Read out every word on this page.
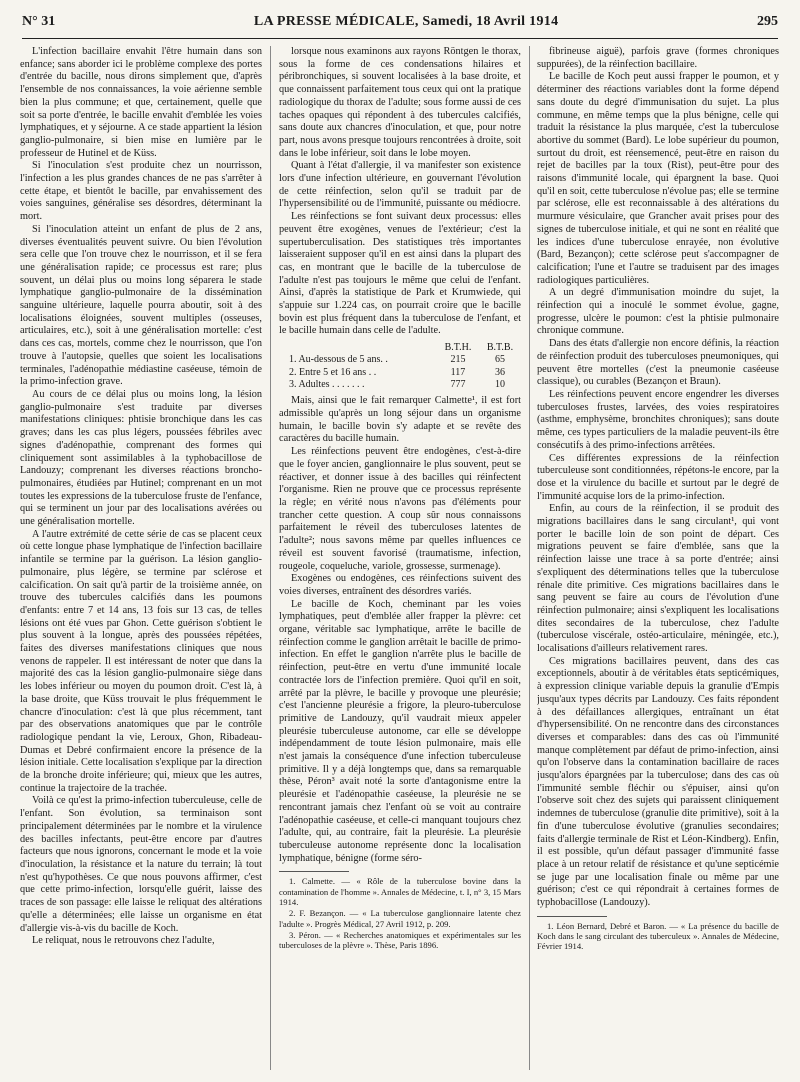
N° 31	LA PRESSE MÉDICALE, Samedi, 18 Avril 1914	295

L'infection bacillaire envahit l'être humain dans son enfance; sans aborder ici le problème complexe des portes d'entrée du bacille, nous dirons simplement que, d'après l'ensemble de nos connaissances, la voie aérienne semble bien la plus commune; et que, certainement, quelle que soit sa porte d'entrée, le bacille envahit d'emblée les voies lymphatiques, et y séjourne. A ce stade appartient la lésion ganglio-pulmonaire, si bien mise en lumière par le professeur de Hutinel et de Küss.

Si l'inoculation s'est produite chez un nourrisson, l'infection a les plus grandes chances de ne pas s'arrêter à cette étape, et bientôt le bacille, par envahissement des voies sanguines, généralise ses désordres, déterminant la mort.

Si l'inoculation atteint un enfant de plus de 2 ans, diverses éventualités peuvent suivre. Ou bien l'évolution sera celle que l'on trouve chez le nourrisson, et il se fera une généralisation rapide; ce processus est rare; plus souvent, un délai plus ou moins long séparera le stade lymphatique ganglio-pulmonaire de la dissémination sanguine ultérieure, laquelle pourra aboutir, soit à des localisations éloignées, souvent multiples (osseuses, articulaires, etc.), soit à une généralisation mortelle: c'est dans ces cas, mortels, comme chez le nourrisson, que l'on trouve à l'autopsie, quelles que soient les localisations terminales, l'adénopathie médiastine caséeuse, témoin de la primo-infection grave.

Au cours de ce délai plus ou moins long, la lésion ganglio-pulmonaire s'est traduite par diverses manifestations cliniques: phtisie bronchique dans les cas graves; dans les cas plus légers, poussées fébriles avec signes d'adénopathie, comprenant des formes qui cliniquement sont assimilables à la typhobacillose de Landouzy; comprenant les diverses réactions broncho-pulmonaires, étudiées par Hutinel; comprenant en un mot toutes les expressions de la tuberculose fruste de l'enfance, qui se terminent un jour par des localisations avérées ou une généralisation mortelle.

A l'autre extrémité de cette série de cas se placent ceux où cette longue phase lymphatique de l'infection bacillaire infantile se termine par la guérison. La lésion ganglio-pulmonaire, plus légère, se termine par sclérose et calcification. On sait qu'à partir de la troisième année, on trouve des tubercules calcifiés dans les poumons d'enfants: entre 7 et 14 ans, 13 fois sur 13 cas, de telles lésions ont été vues par Ghon. Cette guérison s'obtient le plus souvent à la longue, après des poussées répétées, faites des diverses manifestations cliniques que nous venons de rappeler. Il est intéressant de noter que dans la majorité des cas la lésion ganglio-pulmonaire siège dans les lobes inférieur ou moyen du poumon droit. C'est là, à la base droite, que Küss trouvait le plus fréquemment le chancre d'inoculation: c'est là que plus récemment, tant par des observations anatomiques que par le contrôle radiologique pendant la vie, Leroux, Ghon, Ribadeau-Dumas et Debré confirmaient encore la présence de la lésion initiale. Cette localisation s'explique par la direction de la bronche droite inférieure; qui, mieux que les autres, continue la trajectoire de la trachée.

Voilà ce qu'est la primo-infection tuberculeuse, celle de l'enfant. Son évolution, sa terminaison sont principalement déterminées par le nombre et la virulence des bacilles infectants, peut-être encore par d'autres facteurs que nous ignorons, concernant le mode et la voie d'inoculation, la résistance et la nature du terrain; là tout n'est qu'hypothèses. Ce que nous pouvons affirmer, c'est que cette primo-infection, lorsqu'elle guérit, laisse des traces de son passage: elle laisse le reliquat des altérations qu'elle a déterminées; elle laisse un organisme en état d'allergie vis-à-vis du bacille de Koch.

Le reliquat, nous le retrouvons chez l'adulte,

lorsque nous examinons aux rayons Röntgen le thorax, sous la forme de ces condensations hilaires et péribronchiques, si souvent localisées à la base droite, et que connaissent parfaitement tous ceux qui ont la pratique radiologique du thorax de l'adulte; sous forme aussi de ces taches opaques qui répondent à des tubercules calcifiés, sans doute aux chancres d'inoculation, et que, pour notre part, nous avons presque toujours rencontrées à droite, soit dans le lobe inférieur, soit dans le lobe moyen.

Quant à l'état d'allergie, il va manifester son existence lors d'une infection ultérieure, en gouvernant l'évolution de cette réinfection, selon qu'il se traduit par de l'hypersensibilité ou de l'immunité, puissante ou médiocre.

Les réinfections se font suivant deux processus: elles peuvent être exogènes, venues de l'extérieur; c'est la supertuberculisation. Des statistiques très importantes laisseraient supposer qu'il en est ainsi dans la plupart des cas, en montrant que le bacille de la tuberculose de l'adulte n'est pas toujours le même que celui de l'enfant. Ainsi, d'après la statistique de Park et Krumwiede, qui s'appuie sur 1.224 cas, on pourrait croire que le bacille bovin est plus fréquent dans la tuberculose de l'enfant, et le bacille humain dans celle de l'adulte.

	B.T.H.	B.T.B.
1. Au-dessous de 5 ans. .	215	65
2. Entre 5 et 16 ans . .	117	36
3. Adultes . . . . . . .	777	10

Mais, ainsi que le fait remarquer Calmette¹, il est fort admissible qu'après un long séjour dans un organisme humain, le bacille bovin s'y adapte et se revête des caractères du bacille humain.

Les réinfections peuvent être endogènes, c'est-à-dire que le foyer ancien, ganglionnaire le plus souvent, peut se réactiver, et donner issue à des bacilles qui réinfectent l'organisme. Rien ne prouve que ce processus représente la règle; en vérité nous n'avons pas d'éléments pour trancher cette question. A coup sûr nous connaissons parfaitement le réveil des tuberculoses latentes de l'adulte²; nous savons même par quelles influences ce réveil est souvent favorisé (traumatisme, infection, rougeole, coqueluche, variole, grossesse, surmenage).

Exogènes ou endogènes, ces réinfections suivent des voies diverses, entraînent des désordres variés.

Le bacille de Koch, cheminant par les voies lymphatiques, peut d'emblée aller frapper la plèvre: cet organe, véritable sac lymphatique, arrête le bacille de réinfection comme le ganglion arrêtait le bacille de primo-infection. En effet le ganglion n'arrête plus le bacille de réinfection, peut-être en vertu d'une immunité locale contractée lors de l'infection première. Quoi qu'il en soit, arrêté par la plèvre, le bacille y provoque une pleurésie; c'est l'ancienne pleurésie a frigore, la pleuro-tuberculose primitive de Landouzy, qu'il vaudrait mieux appeler pleurésie tuberculeuse autonome, car elle se développe indépendamment de toute lésion pulmonaire, mais elle n'est jamais la conséquence d'une infection tuberculeuse primitive. Il y a déjà longtemps que, dans sa remarquable thèse, Péron³ avait noté la sorte d'antagonisme entre la pleurésie et l'adénopathie caséeuse, la pleurésie ne se rencontrant jamais chez l'enfant où se voit au contraire l'adénopathie caséeuse, et celle-ci manquant toujours chez l'adulte, qui, au contraire, fait la pleurésie. La pleurésie tuberculeuse autonome représente donc la localisation lymphatique, bénigne (forme séro-

1. Calmette. — « Rôle de la tuberculose bovine dans la contamination de l'homme ». Annales de Médecine, t. I, n° 3, 15 Mars 1914.

2. F. Bezançon. — « La tuberculose ganglionnaire latente chez l'adulte ». Progrès Médical, 27 Avril 1912, p. 209.

3. Péron. — « Recherches anatomiques et expérimentales sur les tuberculoses de la plèvre ». Thèse, Paris 1896.

fibrineuse aiguë), parfois grave (formes chroniques suppurées), de la réinfection bacillaire.

Le bacille de Koch peut aussi frapper le poumon, et y déterminer des réactions variables dont la forme dépend sans doute du degré d'immunisation du sujet. La plus commune, en même temps que la plus bénigne, celle qui traduit la résistance la plus marquée, c'est la tuberculose abortive du sommet (Bard). Le lobe supérieur du poumon, surtout du droit, est réensemencé, peut-être en raison du rejet de bacilles par la toux (Rist), peut-être pour des raisons d'immunité locale, qui épargnent la base. Quoi qu'il en soit, cette tuberculose n'évolue pas; elle se termine par sclérose, elle est reconnaissable à des altérations du murmure vésiculaire, que Grancher avait prises pour des signes de tuberculose initiale, et qui ne sont en réalité que les indices d'une tuberculose enrayée, non évolutive (Bard, Bezançon); cette sclérose peut s'accompagner de calcification; l'une et l'autre se traduisent par des images radiologiques particulières.

A un degré d'immunisation moindre du sujet, la réinfection qui a inoculé le sommet évolue, gagne, progresse, ulcère le poumon: c'est la phtisie pulmonaire chronique commune.

Dans des états d'allergie non encore définis, la réaction de réinfection produit des tuberculoses pneumoniques, qui peuvent être mortelles (c'est la pneumonie caséeuse classique), ou curables (Bezançon et Braun).

Les réinfections peuvent encore engendrer les diverses tuberculoses frustes, larvées, des voies respiratoires (asthme, emphysème, bronchites chroniques); sans doute même, ces types particuliers de la maladie peuvent-ils être consécutifs à des primo-infections arrêtées.

Ces différentes expressions de la réinfection tuberculeuse sont conditionnées, répétons-le encore, par la dose et la virulence du bacille et surtout par le degré de l'immunité acquise lors de la primo-infection.

Enfin, au cours de la réinfection, il se produit des migrations bacillaires dans le sang circulant¹, qui vont porter le bacille loin de son point de départ. Ces migrations peuvent se faire d'emblée, sans que la réinfection laisse une trace à sa porte d'entrée; ainsi s'expliquent des déterminations telles que la tuberculose rénale dite primitive. Ces migrations bacillaires dans le sang peuvent se faire au cours de l'évolution d'une réinfection pulmonaire; ainsi s'expliquent les localisations dites secondaires de la tuberculose, chez l'adulte (tuberculose viscérale, ostéo-articulaire, méningée, etc.), localisations d'ailleurs relativement rares.

Ces migrations bacillaires peuvent, dans des cas exceptionnels, aboutir à de véritables états septicémiques, à expression clinique variable depuis la granulie d'Empis jusqu'aux types décrits par Landouzy. Ces faits répondent à des défaillances allergiques, entraînant un état d'hypersensibilité. On ne rencontre dans des circonstances diverses et comparables: dans des cas où l'immunité manque complètement par défaut de primo-infection, ainsi qu'on l'observe dans la contamination bacillaire de races jusqu'alors épargnées par la tuberculose; dans des cas où l'immunité semble fléchir ou s'épuiser, ainsi qu'on l'observe soit chez des sujets qui paraissent cliniquement indemnes de tuberculose (granulie dite primitive), soit à la fin d'une tuberculose évolutive (granulies secondaires; faits d'allergie terminale de Rist et Léon-Kindberg). Enfin, il est possible, qu'un défaut passager d'immunité fasse place à un retour relatif de résistance et qu'une septicémie se juge par une localisation finale ou même par une guérison; c'est ce qui répondrait à certaines formes de typhobacillose (Landouzy).

1. Léon Bernard, Debré et Baron. — « La présence du bacille de Koch dans le sang circulant des tuberculeux ». Annales de Médecine, Février 1914.
